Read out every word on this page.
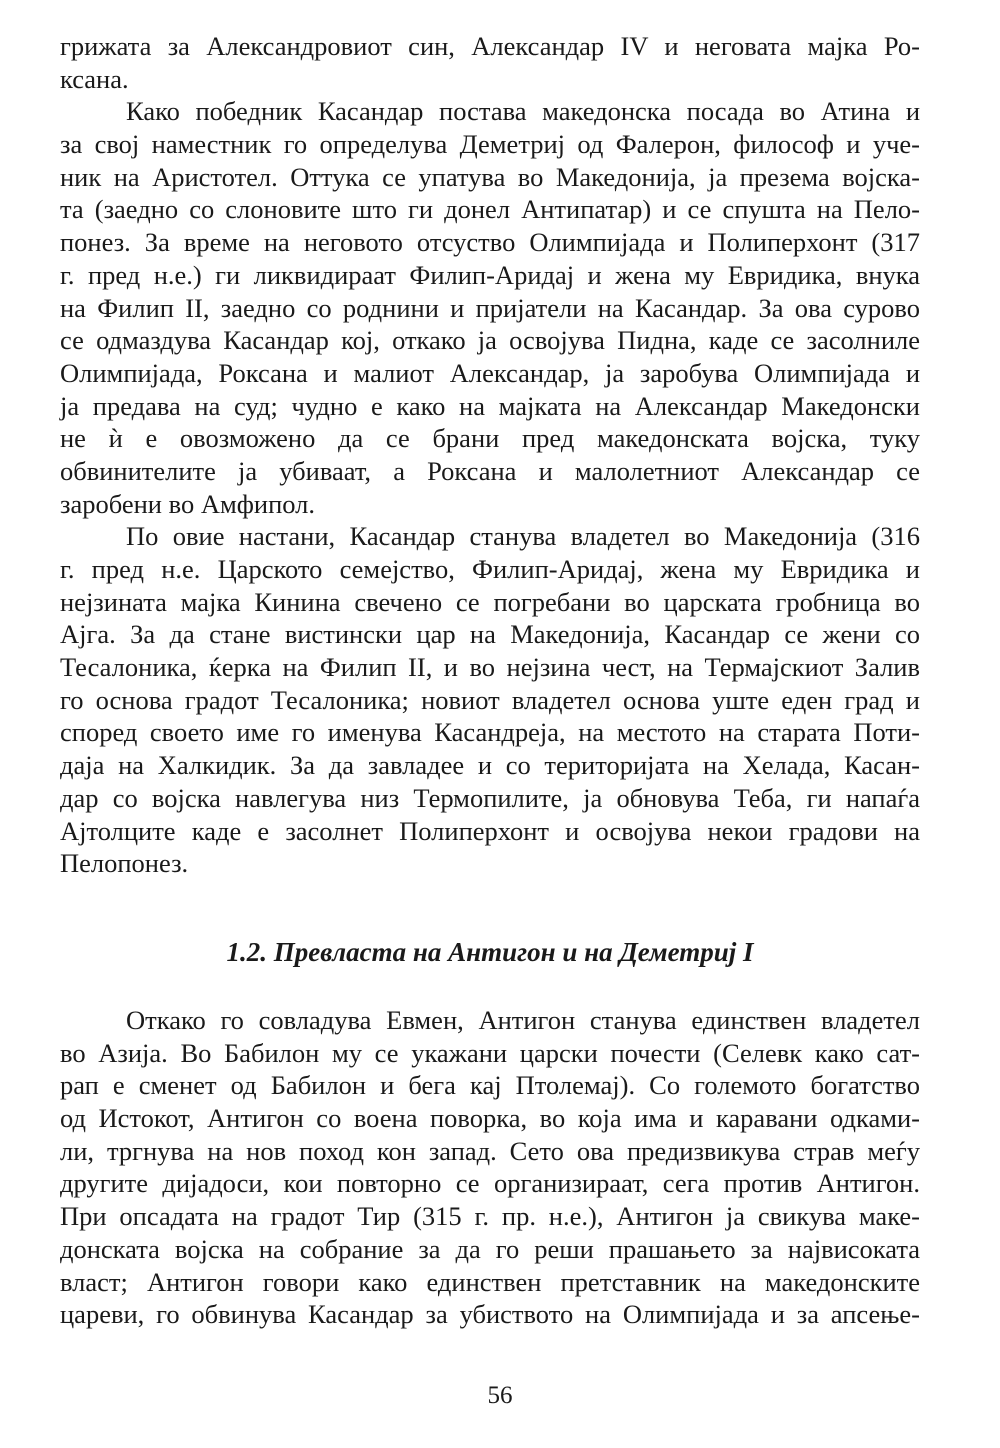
грижата за Александровиот син, Александар IV и неговата мајка Ро-
ксана.
Како победник Касандар постава македонска посада во Атина и
за свој наместник го определува Деметриј од Фалерон, философ и уче-
ник на Аристотел. Оттука се упатува во Македонија, ја презема војска-
та (заедно со слоновите што ги донел Антипатар) и се спушта на Пело-
понез. За време на неговото отсуство Олимпијада и Полиперхонт (317
г. пред н.е.) ги ликвидираат Филип-Аридај и жена му Евридика, внука
на Филип II, заедно со роднини и пријатели на Касандар. За ова сурово
се одмаздува Касандар кој, откако ја освојува Пидна, каде се засолниле
Олимпијада, Роксана и малиот Александар, ја заробува Олимпијада и
ја предава на суд; чудно е како на мајката на Александар Македонски
не ѝ е овозможено да се брани пред македонската војска, туку
обвинителите ја убиваат, а Роксана и малолетниот Александар се
заробени во Амфипол.
По овие настани, Касандар станува владетел во Македонија (316
г. пред н.е. Царското семејство, Филип-Аридај, жена му Евридика и
нејзината мајка Кинина свечено се погребани во царската гробница во
Ајга. За да стане вистински цар на Македонија, Касандар се жени со
Тесалоника, ќерка на Филип II, и во нејзина чест, на Термајскиот Залив
го основа градот Тесалоника; новиот владетел основа уште еден град и
според своето име го именува Касандреја, на местото на старата Поти-
даја на Халкидик. За да завладее и со територијата на Хелада, Касан-
дар со војска навлегува низ Термопилите, ја обновува Теба, ги напаѓа
Ајтолците каде е засолнет Полиперхонт и освојува некои градови на
Пелопонез.
1.2. Превласта на Антигон и на Деметриј I
Откако го совладува Евмен, Антигон станува единствен владетел
во Азија. Во Бабилон му се укажани царски почести (Селевк како сат-
рап е сменет од Бабилон и бега кај Птолемај). Со големото богатство
од Истокот, Антигон со воена поворка, во која има и каравани одками-
ли, тргнува на нов поход кон запад. Сето ова предизвикува страв меѓу
другите дијадоси, кои повторно се организираат, сега против Антигон.
При опсадата на градот Тир (315 г. пр. н.е.), Антигон ја свикува маке-
донската војска на собрание за да го реши прашањето за највисоката
власт; Антигон говори како единствен претставник на македонските
цареви, го обвинува Касандар за убиството на Олимпијада и за апсење-
56
